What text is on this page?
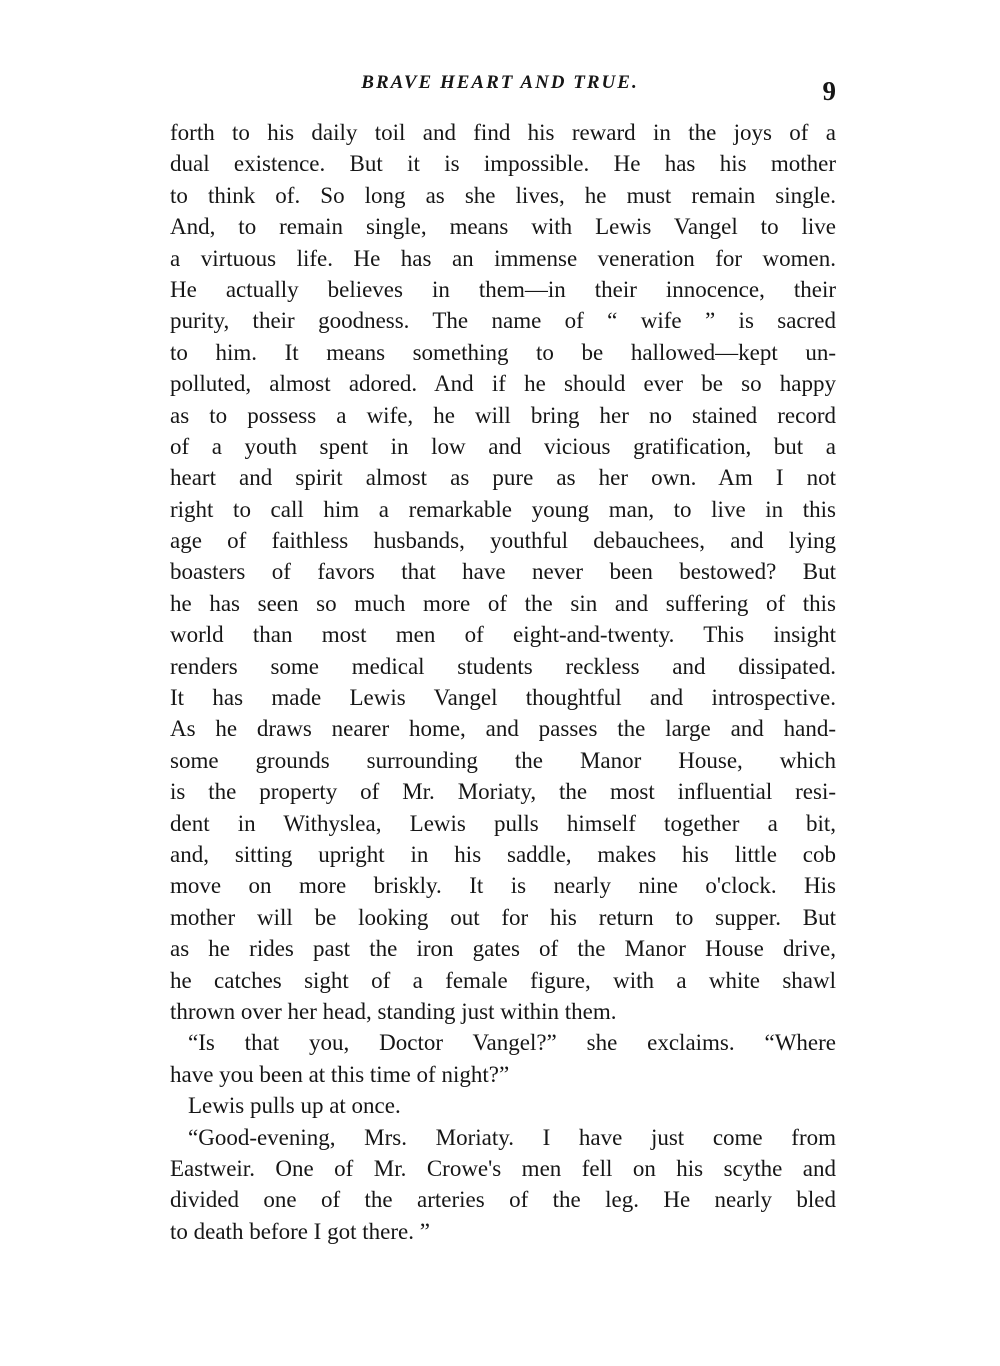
BRAVE HEART AND TRUE.	9
forth to his daily toil and find his reward in the joys of a
dual existence. But it is impossible. He has his mother
to think of. So long as she lives, he must remain single.
And, to remain single, means with Lewis Vangel to live
a virtuous life. He has an immense veneration for women.
He actually believes in them—in their innocence, their
purity, their goodness. The name of “ wife ” is sacred
to him. It means something to be hallowed—kept un-
polluted, almost adored. And if he should ever be so happy
as to possess a wife, he will bring her no stained record
of a youth spent in low and vicious gratification, but a
heart and spirit almost as pure as her own. Am I not
right to call him a remarkable young man, to live in this
age of faithless husbands, youthful debauchees, and lying
boasters of favors that have never been bestowed? But
he has seen so much more of the sin and suffering of this
world than most men of eight-and-twenty. This insight
renders some medical students reckless and dissipated.
It has made Lewis Vangel thoughtful and introspective.
As he draws nearer home, and passes the large and hand-
some grounds surrounding the Manor House, which
is the property of Mr. Moriaty, the most influential resi-
dent in Withyslea, Lewis pulls himself together a bit,
and, sitting upright in his saddle, makes his little cob
move on more briskly. It is nearly nine o'clock. His
mother will be looking out for his return to supper. But
as he rides past the iron gates of the Manor House drive,
he catches sight of a female figure, with a white shawl
thrown over her head, standing just within them.
“Is that you, Doctor Vangel?” she exclaims. “Where
have you been at this time of night?”
Lewis pulls up at once.
“Good-evening, Mrs. Moriaty. I have just come from
Eastweir. One of Mr. Crowe's men fell on his scythe and
divided one of the arteries of the leg. He nearly bled
to death before I got there. ”
